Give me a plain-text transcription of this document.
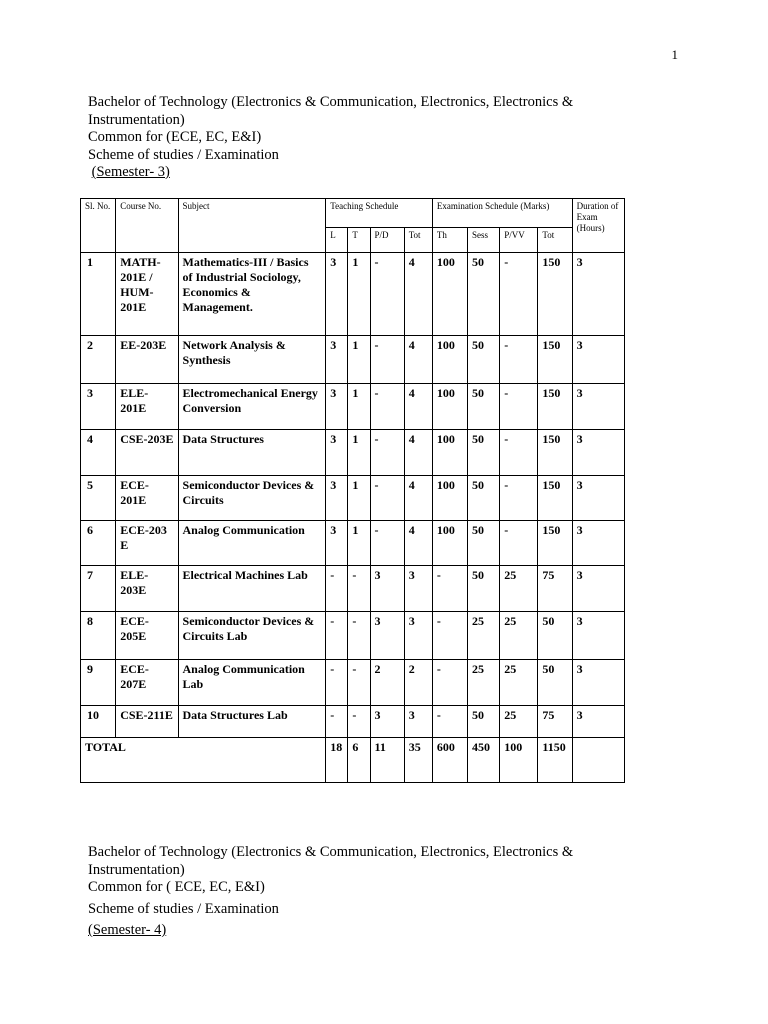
1
Bachelor of Technology (Electronics & Communication, Electronics, Electronics &
Instrumentation)
Common for (ECE, EC, E&I)
Scheme of studies / Examination
(Semester- 3)
Sl. No.	Course No.	Subject	Teaching Schedule				Examination Schedule (Marks)				Duration of Exam (Hours)
			L	T	P/D	Tot	Th	Sess	P/VV	Tot	
1	MATH-201E / HUM-201E	Mathematics-III / Basics of Industrial Sociology, Economics & Management.	3	1	-	4	100	50	-	150	3
2	EE-203E	Network Analysis & Synthesis	3	1	-	4	100	50	-	150	3
3	ELE-201E	Electromechanical Energy Conversion	3	1	-	4	100	50	-	150	3
4	CSE-203E	Data Structures	3	1	-	4	100	50	-	150	3
5	ECE-201E	Semiconductor Devices & Circuits	3	1	-	4	100	50	-	150	3
6	ECE-203 E	Analog Communication	3	1	-	4	100	50	-	150	3
7	ELE-203E	Electrical Machines Lab	-	-	3	3	-	50	25	75	3
8	ECE-205E	Semiconductor Devices & Circuits Lab	-	-	3	3	-	25	25	50	3
9	ECE-207E	Analog Communication Lab	-	-	2	2	-	25	25	50	3
10	CSE-211E	Data Structures Lab	-	-	3	3	-	50	25	75	3
TOTAL			18	6	11	35	600	450	100	1150	
Bachelor of Technology (Electronics & Communication, Electronics, Electronics &
Instrumentation)
Common for ( ECE, EC, E&I)
Scheme of studies / Examination
(Semester- 4)
